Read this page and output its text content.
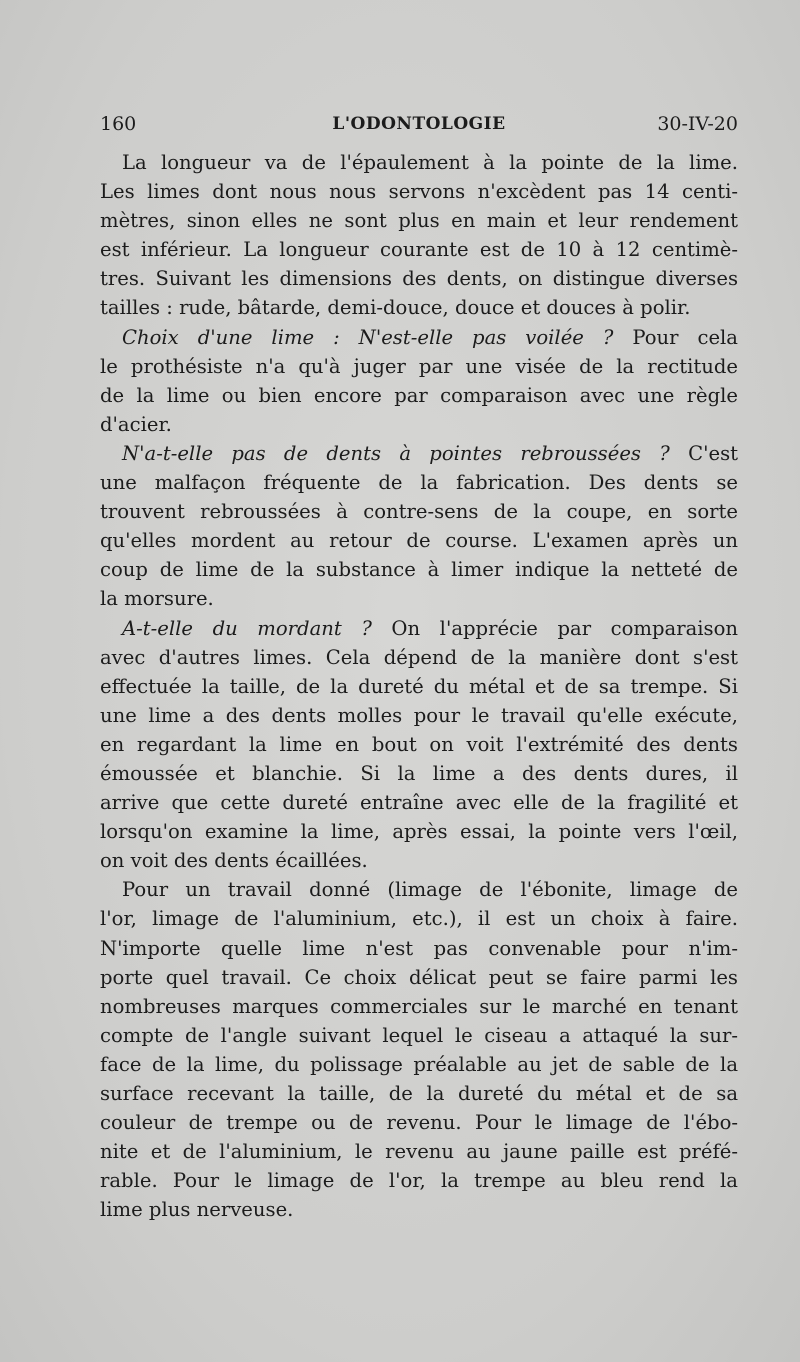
160	L'ODONTOLOGIE	30-IV-20
La longueur va de l'épaulement à la pointe de la lime.
Les limes dont nous nous servons n'excèdent pas 14 centi-
mètres, sinon elles ne sont plus en main et leur rendement
est inférieur. La longueur courante est de 10 à 12 centimè-
tres. Suivant les dimensions des dents, on distingue diverses
tailles : rude, bâtarde, demi-douce, douce et douces à polir.
Choix d'une lime : N'est-elle pas voilée ? Pour cela
le prothésiste n'a qu'à juger par une visée de la rectitude
de la lime ou bien encore par comparaison avec une règle
d'acier.
N'a-t-elle pas de dents à pointes rebroussées ? C'est
une malfaçon fréquente de la fabrication. Des dents se
trouvent rebroussées à contre-sens de la coupe, en sorte
qu'elles mordent au retour de course. L'examen après un
coup de lime de la substance à limer indique la netteté de
la morsure.
A-t-elle du mordant ? On l'apprécie par comparaison
avec d'autres limes. Cela dépend de la manière dont s'est
effectuée la taille, de la dureté du métal et de sa trempe. Si
une lime a des dents molles pour le travail qu'elle exécute,
en regardant la lime en bout on voit l'extrémité des dents
émoussée et blanchie. Si la lime a des dents dures, il
arrive que cette dureté entraîne avec elle de la fragilité et
lorsqu'on examine la lime, après essai, la pointe vers l'œil,
on voit des dents écaillées.
Pour un travail donné (limage de l'ébonite, limage de
l'or, limage de l'aluminium, etc.), il est un choix à faire.
N'importe quelle lime n'est pas convenable pour n'im-
porte quel travail. Ce choix délicat peut se faire parmi les
nombreuses marques commerciales sur le marché en tenant
compte de l'angle suivant lequel le ciseau a attaqué la sur-
face de la lime, du polissage préalable au jet de sable de la
surface recevant la taille, de la dureté du métal et de sa
couleur de trempe ou de revenu. Pour le limage de l'ébo-
nite et de l'aluminium, le revenu au jaune paille est préfé-
rable. Pour le limage de l'or, la trempe au bleu rend la
lime plus nerveuse.
